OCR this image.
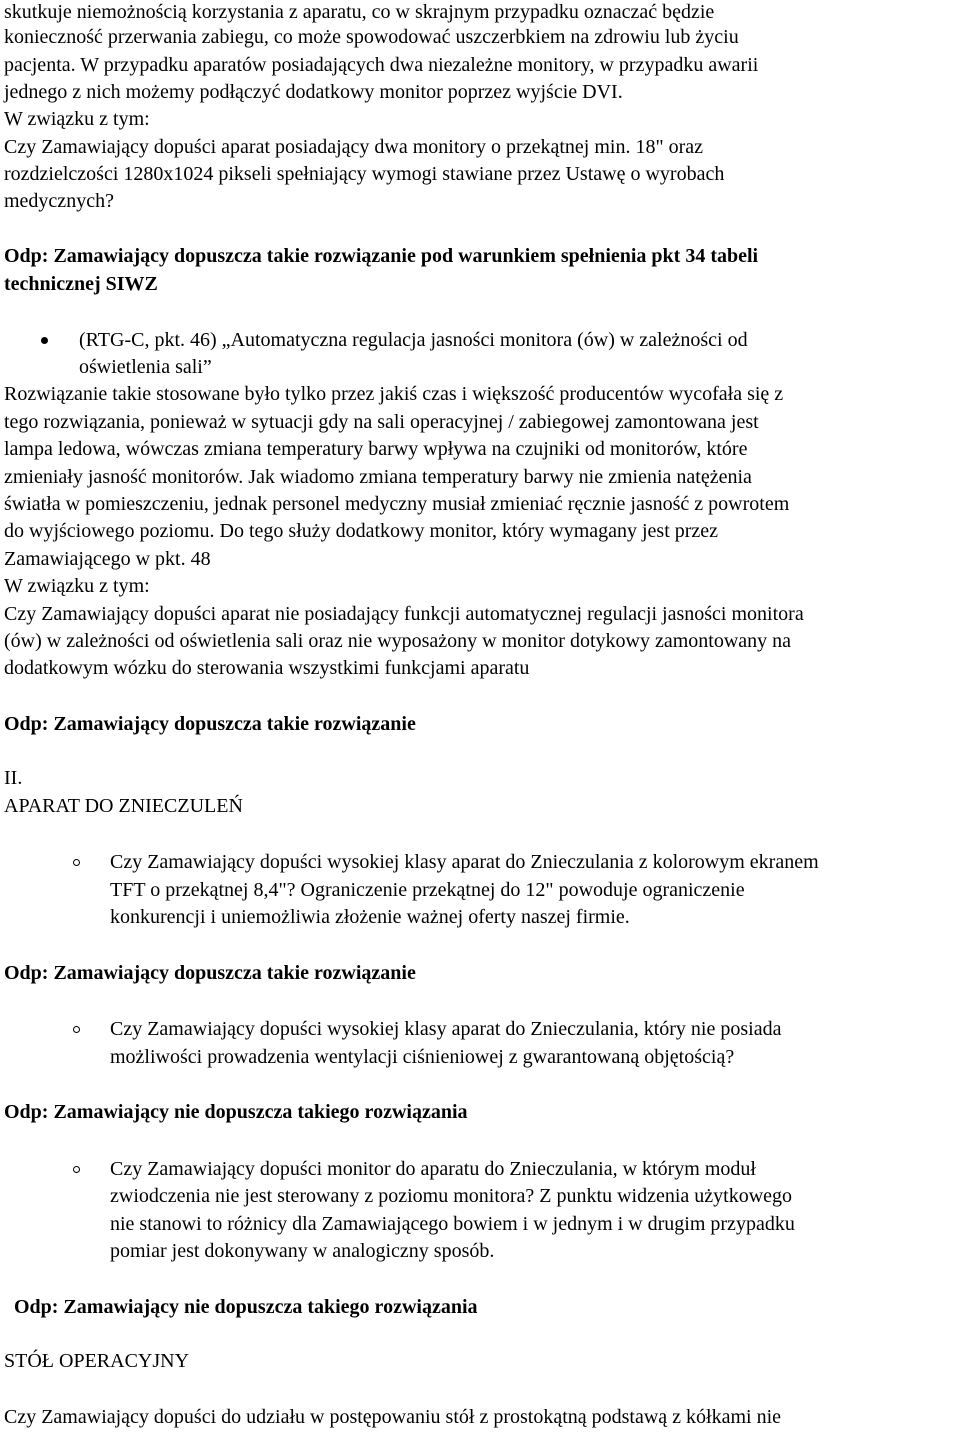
skutkuje niemożnością korzystania z aparatu, co w skrajnym przypadku oznaczać będzie
konieczność przerwania zabiegu, co może spowodować uszczerbkiem na zdrowiu lub życiu
pacjenta. W przypadku aparatów posiadających dwa niezależne monitory, w przypadku awarii
jednego z nich możemy podłączyć dodatkowy monitor poprzez wyjście DVI.
W związku z tym:
Czy Zamawiający dopuści aparat posiadający dwa monitory o przekątnej min. 18" oraz
rozdzielczości 1280x1024 pikseli spełniający wymogi stawiane przez Ustawę o wyrobach
medycznych?
Odp: Zamawiający dopuszcza takie rozwiązanie pod warunkiem spełnienia pkt 34 tabeli
technicznej SIWZ
(RTG-C, pkt. 46) „Automatyczna regulacja jasności monitora (ów) w zależności od
oświetlenia sali”
Rozwiązanie takie stosowane było tylko przez jakiś czas i większość producentów wycofała się z
tego rozwiązania, ponieważ w sytuacji gdy na sali operacyjnej / zabiegowej zamontowana jest
lampa ledowa, wówczas zmiana temperatury barwy wpływa na czujniki od monitorów, które
zmieniały jasność monitorów. Jak wiadomo zmiana temperatury barwy nie zmienia natężenia
światła w pomieszczeniu, jednak personel medyczny musiał zmieniać ręcznie jasność z powrotem
do wyjściowego poziomu. Do tego służy dodatkowy monitor, który wymagany jest przez
Zamawiającego w pkt. 48
W związku z tym:
Czy Zamawiający dopuści aparat nie posiadający funkcji automatycznej regulacji jasności monitora
(ów) w zależności od oświetlenia sali oraz nie wyposażony w monitor dotykowy zamontowany na
dodatkowym wózku do sterowania wszystkimi funkcjami aparatu
Odp: Zamawiający dopuszcza takie rozwiązanie
II.
APARAT DO ZNIECZULEŃ
Czy Zamawiający dopuści wysokiej klasy aparat do Znieczulania z kolorowym ekranem
TFT o przekątnej 8,4"? Ograniczenie przekątnej do 12" powoduje ograniczenie
konkurencji i uniemożliwia złożenie ważnej oferty naszej firmie.
Odp: Zamawiający dopuszcza takie rozwiązanie
Czy Zamawiający dopuści wysokiej klasy aparat do Znieczulania, który nie posiada
możliwości prowadzenia wentylacji ciśnieniowej z gwarantowaną objętością?
Odp: Zamawiający nie dopuszcza takiego rozwiązania
Czy Zamawiający dopuści monitor do aparatu do Znieczulania, w którym moduł
zwiodczenia nie jest sterowany z poziomu monitora? Z punktu widzenia użytkowego
nie stanowi to różnicy dla Zamawiającego bowiem i w jednym i w drugim przypadku
pomiar jest dokonywany w analogiczny sposób.
Odp: Zamawiający nie dopuszcza takiego rozwiązania
STÓŁ OPERACYJNY
Czy Zamawiający dopuści do udziału w postępowaniu stół z prostokątną podstawą z kółkami nie
